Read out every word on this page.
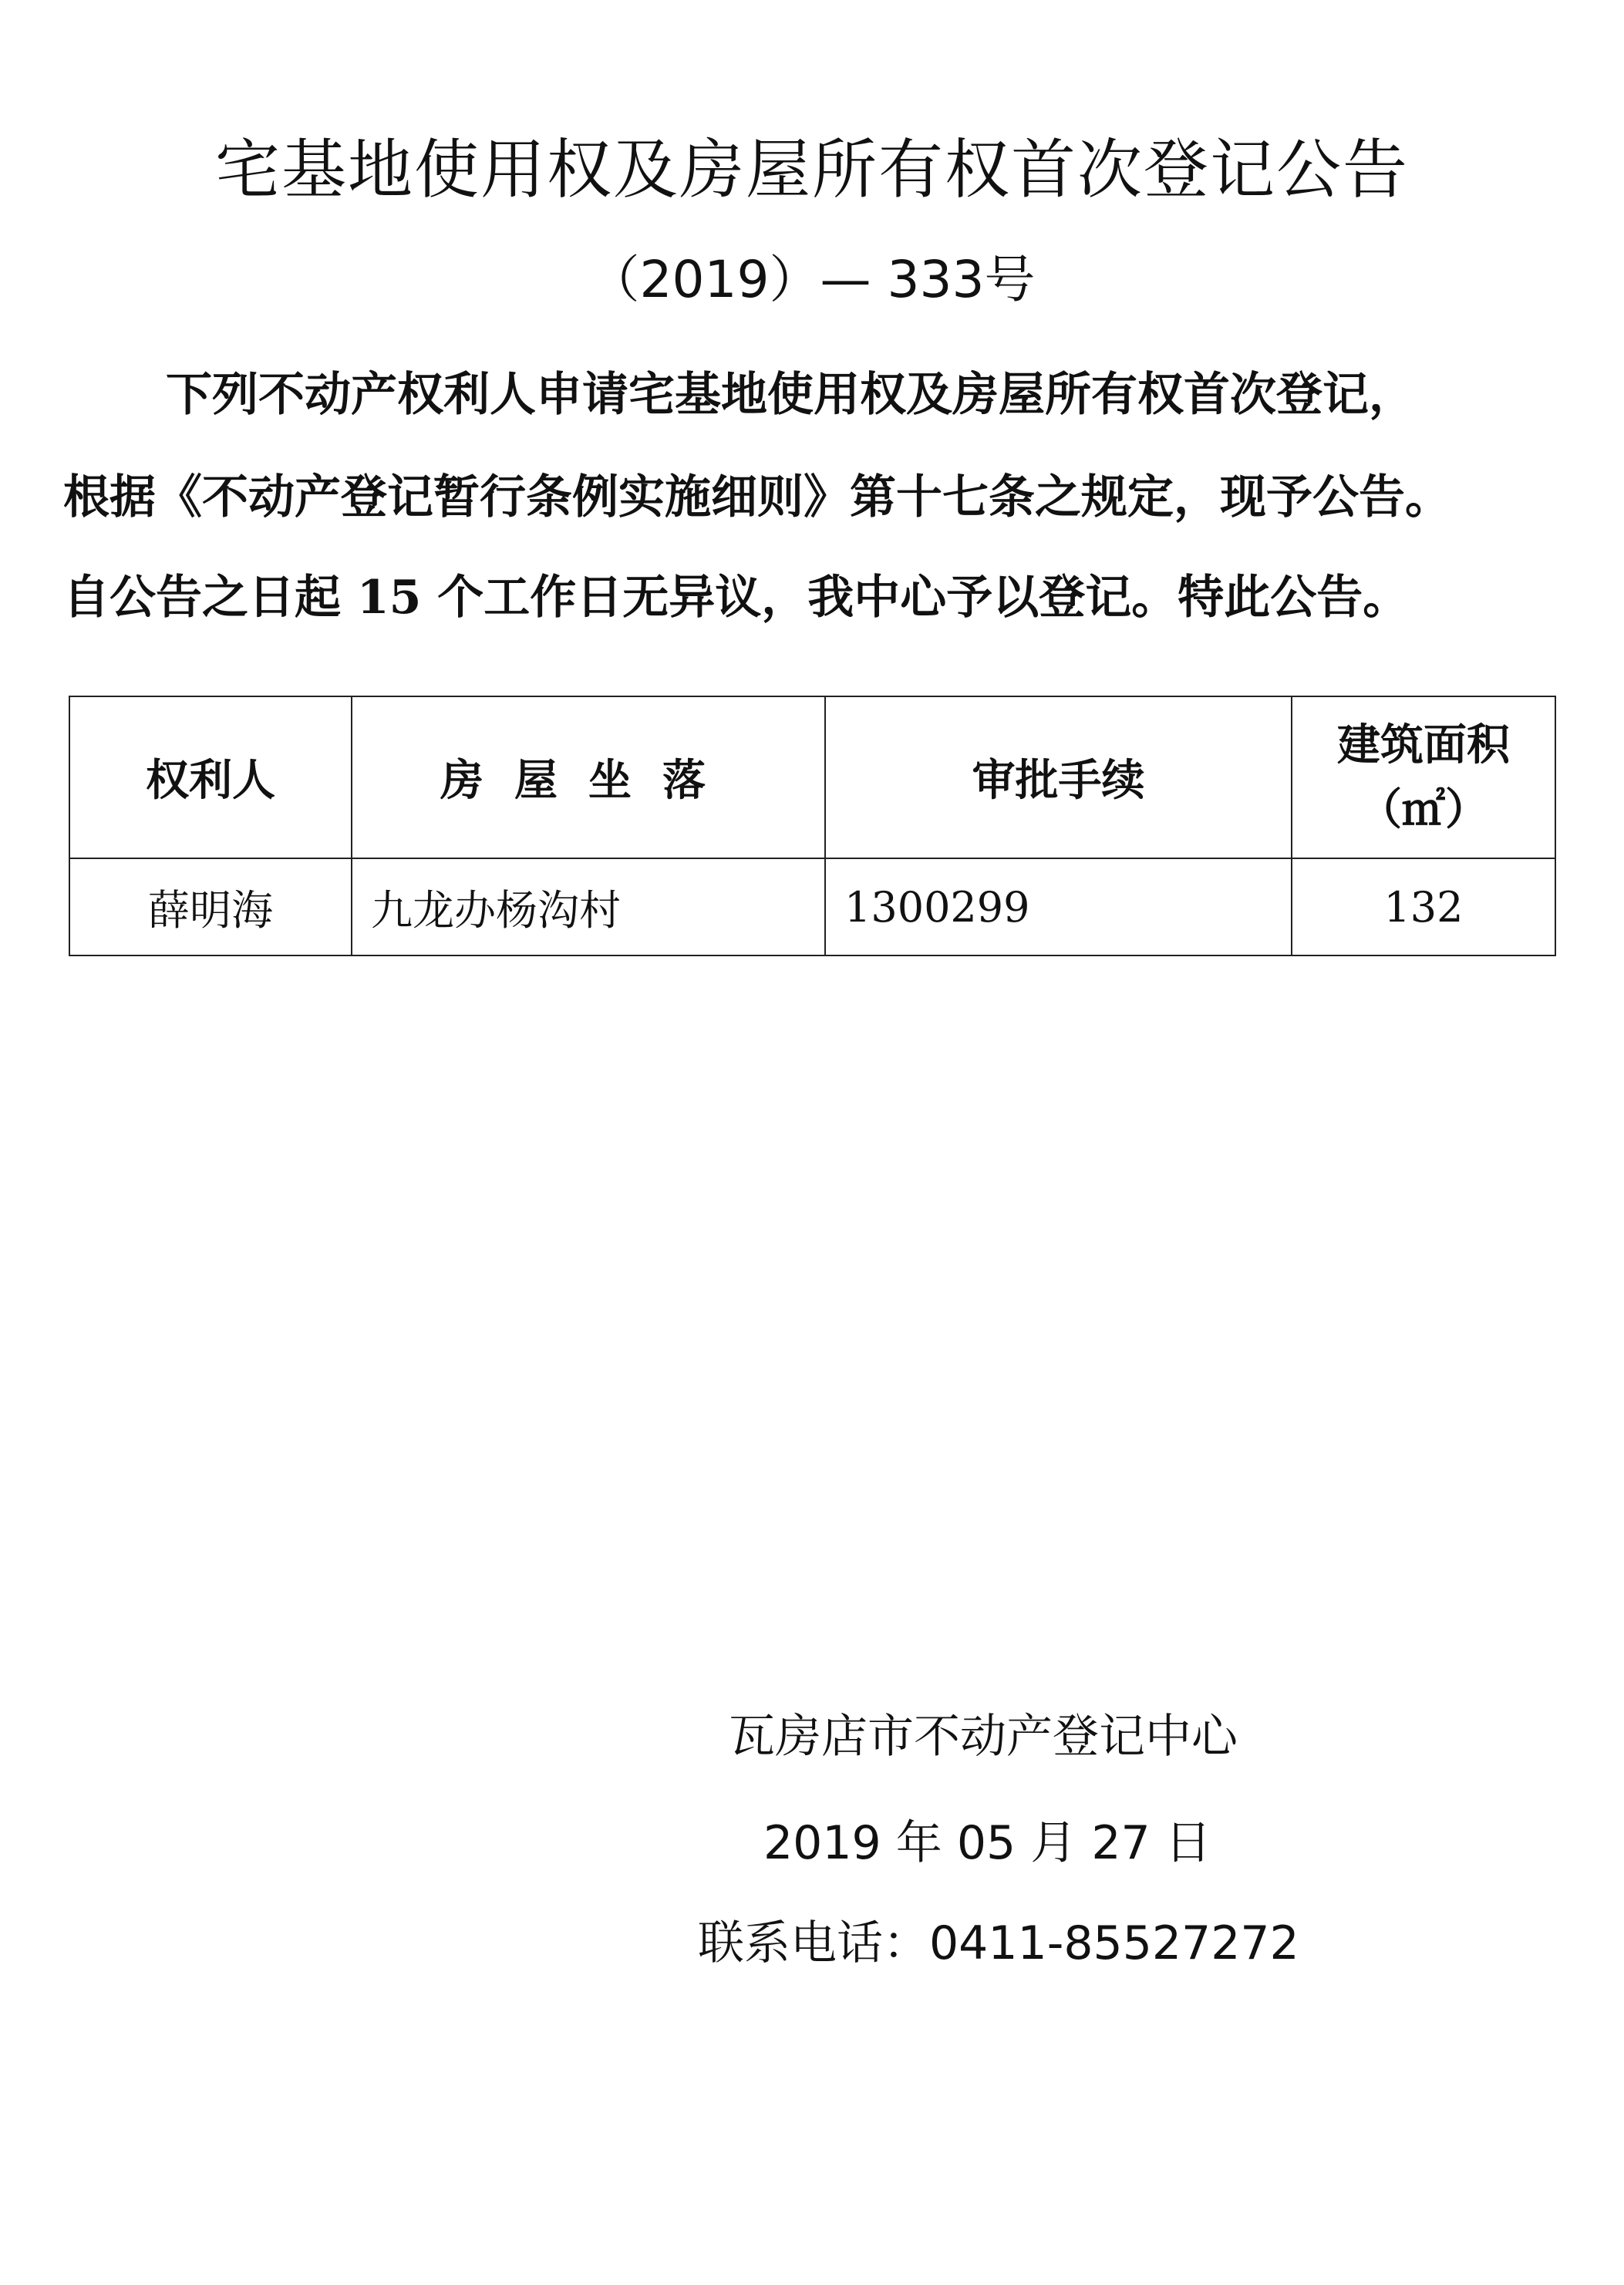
宅基地使用权及房屋所有权首次登记公告
（2019）— 333号
下列不动产权利人申请宅基地使用权及房屋所有权首次登记，
根据《不动产登记暂行条例实施细则》第十七条之规定，现予公告。
自公告之日起 15 个工作日无异议，我中心予以登记。特此公告。
权利人	房屋坐落	审批手续	建筑面积
（㎡）

薛明海	九龙办杨沟村	1300299	132
瓦房店市不动产登记中心
2019 年 05 月 27 日
联系电话：0411-85527272
